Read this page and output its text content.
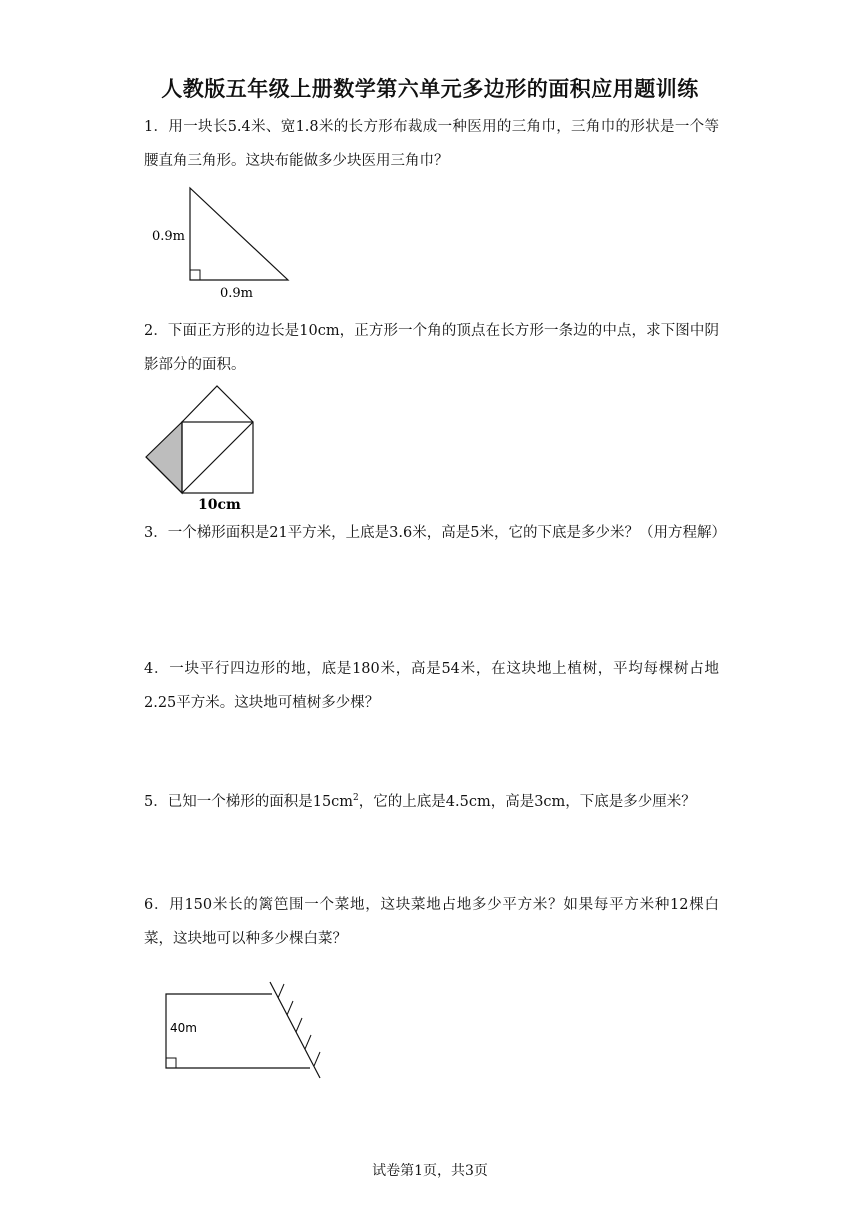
人教版五年级上册数学第六单元多边形的面积应用题训练
1．用一块长5.4米、宽1.8米的长方形布裁成一种医用的三角巾，三角巾的形状是一个等腰直角三角形。这块布能做多少块医用三角巾？
0.9m
0.9m
2．下面正方形的边长是10cm，正方形一个角的顶点在长方形一条边的中点，求下图中阴影部分的面积。
10cm
3．一个梯形面积是21平方米，上底是3.6米，高是5米，它的下底是多少米？（用方程解）
4．一块平行四边形的地，底是180米，高是54米，在这块地上植树，平均每棵树占地2.25平方米。这块地可植树多少棵？
5．已知一个梯形的面积是$15cm^2$，它的上底是4.5cm，高是3cm，下底是多少厘米？
6．用150米长的篱笆围一个菜地，这块菜地占地多少平方米？如果每平方米种12棵白菜，这块地可以种多少棵白菜？
40m
试卷第1页，共3页
